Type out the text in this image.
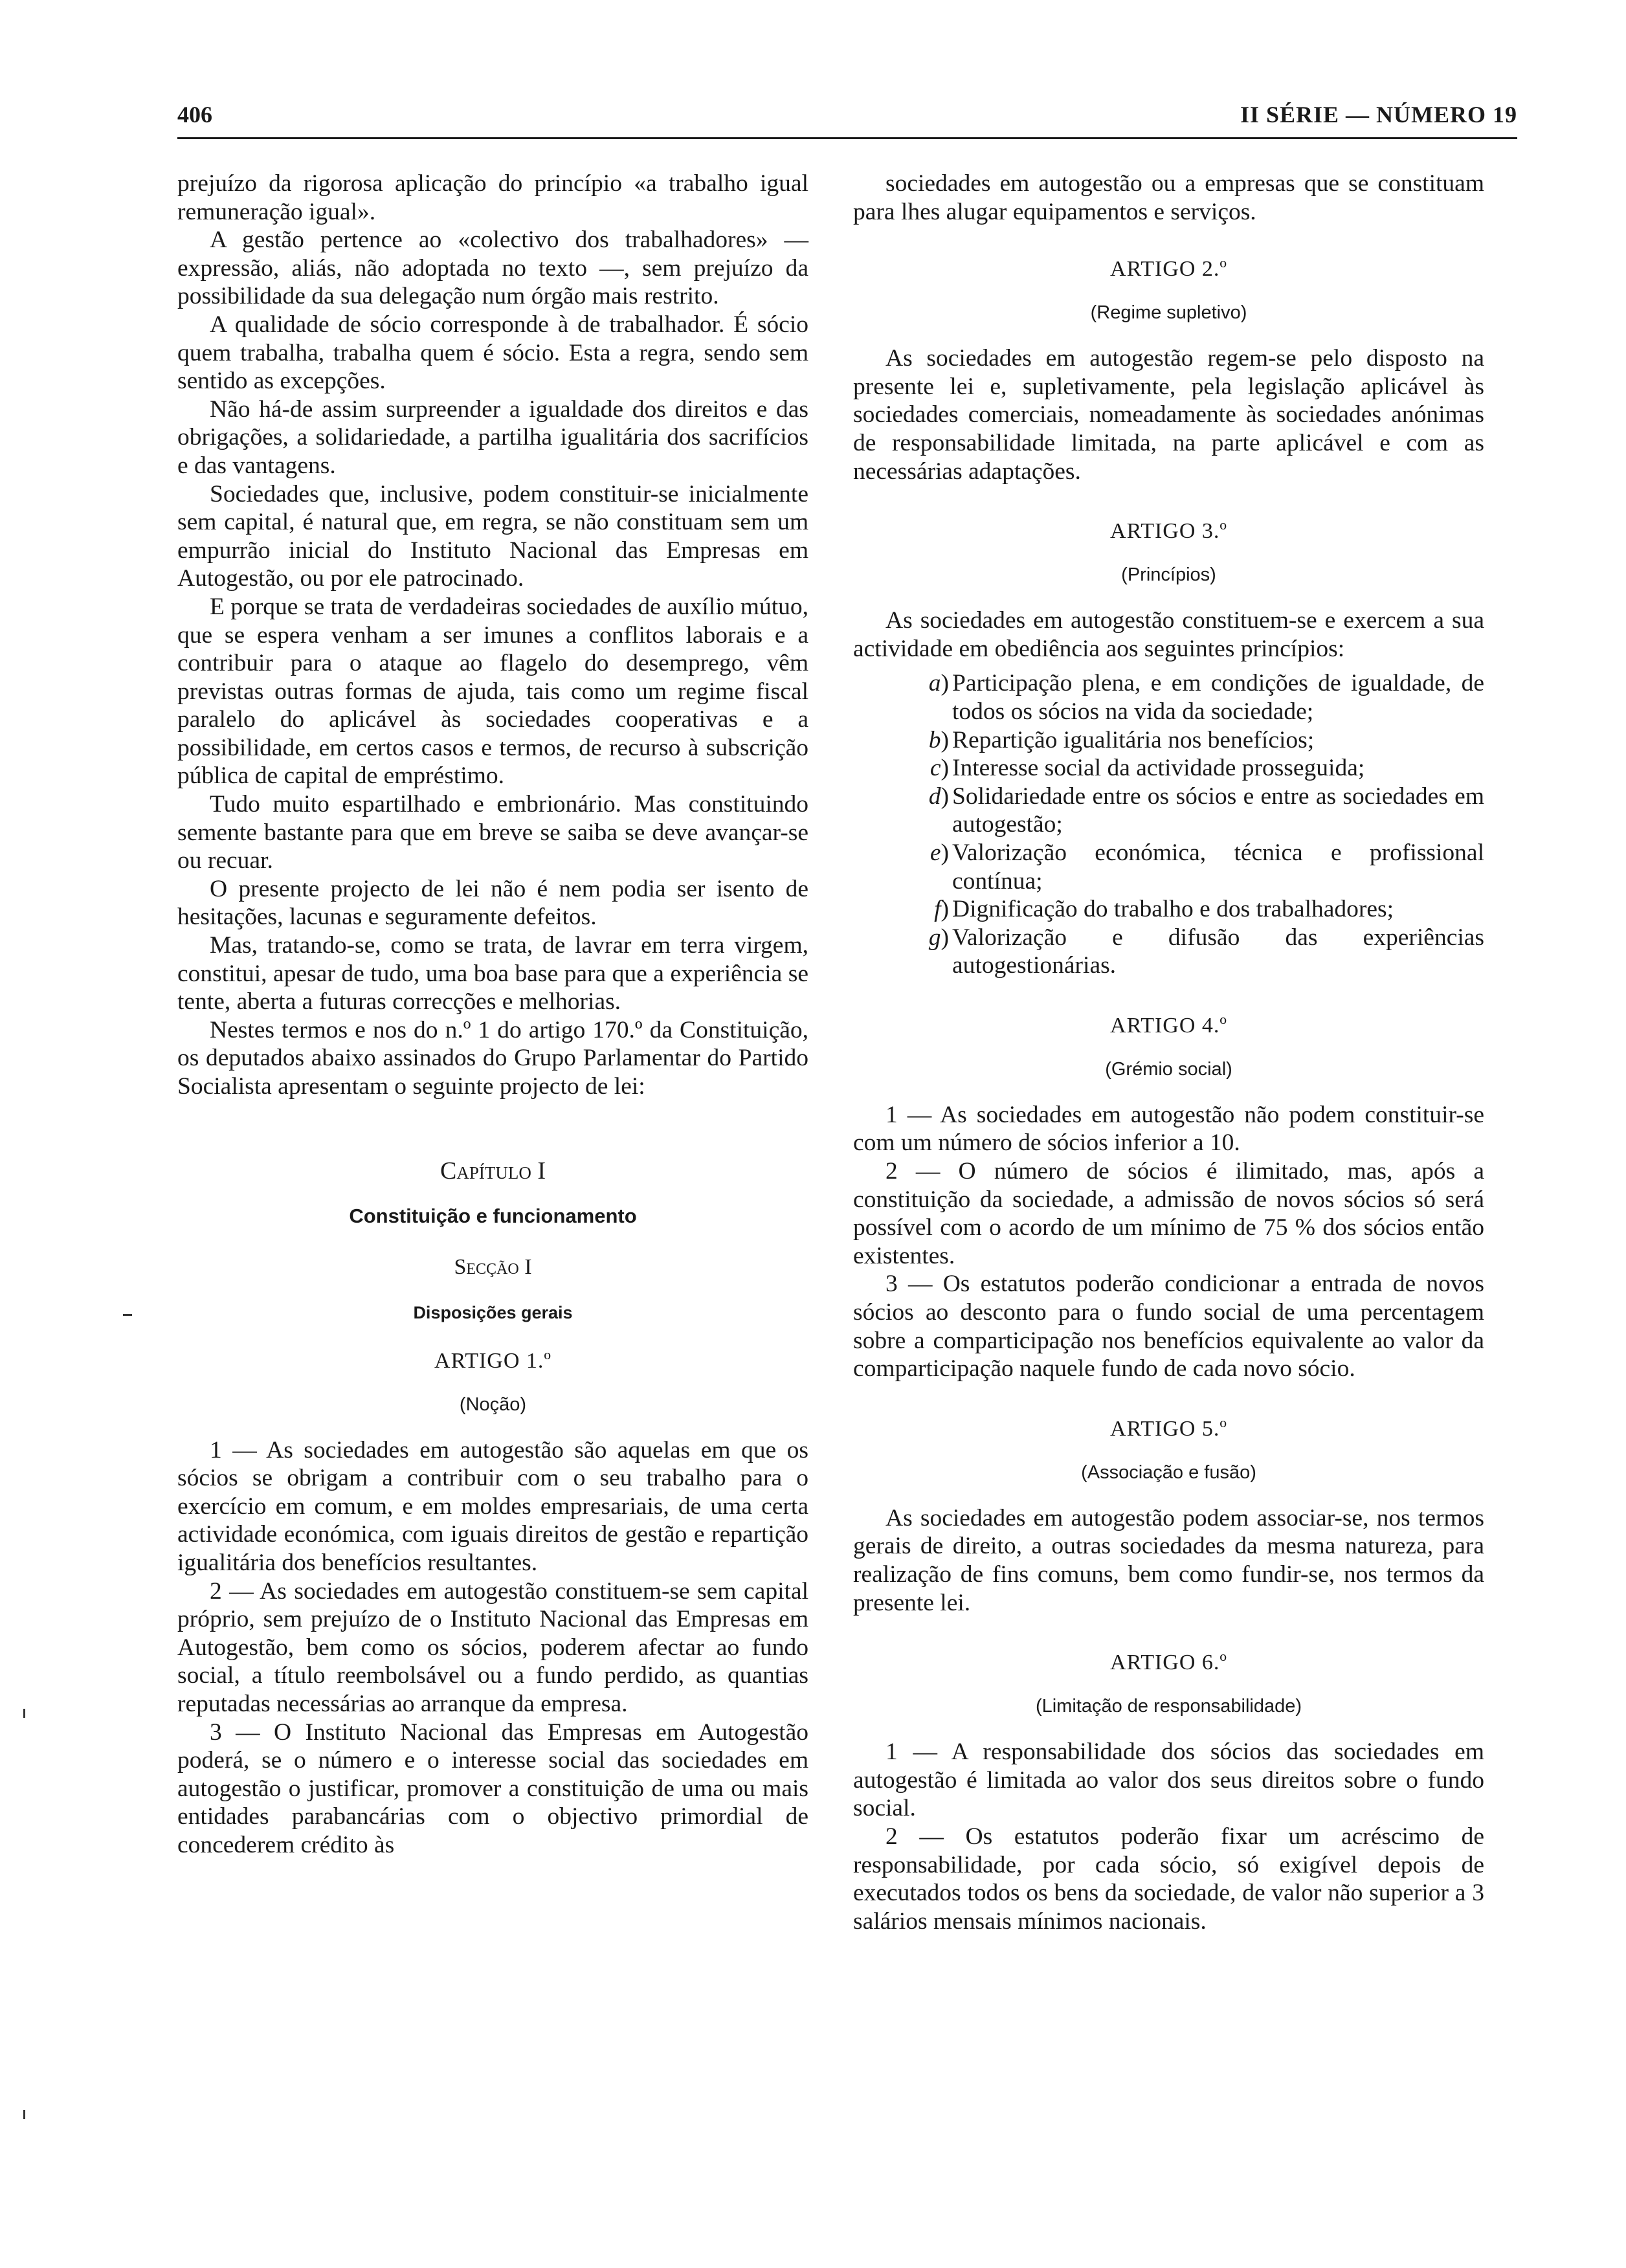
406	II SÉRIE — NÚMERO 19

prejuízo da rigorosa aplicação do princípio «a trabalho igual remuneração igual».

A gestão pertence ao «colectivo dos trabalhadores» — expressão, aliás, não adoptada no texto —, sem prejuízo da possibilidade da sua delegação num órgão mais restrito.

A qualidade de sócio corresponde à de trabalhador. É sócio quem trabalha, trabalha quem é sócio. Esta a regra, sendo sem sentido as excepções.

Não há-de assim surpreender a igualdade dos direitos e das obrigações, a solidariedade, a partilha igualitária dos sacrifícios e das vantagens.

Sociedades que, inclusive, podem constituir-se inicialmente sem capital, é natural que, em regra, se não constituam sem um empurrão inicial do Instituto Nacional das Empresas em Autogestão, ou por ele patrocinado.

E porque se trata de verdadeiras sociedades de auxílio mútuo, que se espera venham a ser imunes a conflitos laborais e a contribuir para o ataque ao flagelo do desemprego, vêm previstas outras formas de ajuda, tais como um regime fiscal paralelo do aplicável às sociedades cooperativas e a possibilidade, em certos casos e termos, de recurso à subscrição pública de capital de empréstimo.

Tudo muito espartilhado e embrionário. Mas constituindo semente bastante para que em breve se saiba se deve avançar-se ou recuar.

O presente projecto de lei não é nem podia ser isento de hesitações, lacunas e seguramente defeitos.

Mas, tratando-se, como se trata, de lavrar em terra virgem, constitui, apesar de tudo, uma boa base para que a experiência se tente, aberta a futuras correcções e melhorias.

Nestes termos e nos do n.º 1 do artigo 170.º da Constituição, os deputados abaixo assinados do Grupo Parlamentar do Partido Socialista apresentam o seguinte projecto de lei:

Capítulo I
Constituição e funcionamento
Secção I
Disposições gerais
ARTIGO 1.º
(Noção)

1 — As sociedades em autogestão são aquelas em que os sócios se obrigam a contribuir com o seu trabalho para o exercício em comum, e em moldes empresariais, de uma certa actividade económica, com iguais direitos de gestão e repartição igualitária dos benefícios resultantes.

2 — As sociedades em autogestão constituem-se sem capital próprio, sem prejuízo de o Instituto Nacional das Empresas em Autogestão, bem como os sócios, poderem afectar ao fundo social, a título reembolsável ou a fundo perdido, as quantias reputadas necessárias ao arranque da empresa.

3 — O Instituto Nacional das Empresas em Autogestão poderá, se o número e o interesse social das sociedades em autogestão o justificar, promover a constituição de uma ou mais entidades parabancárias com o objectivo primordial de concederem crédito às

sociedades em autogestão ou a empresas que se constituam para lhes alugar equipamentos e serviços.

ARTIGO 2.º
(Regime supletivo)

As sociedades em autogestão regem-se pelo disposto na presente lei e, supletivamente, pela legislação aplicável às sociedades comerciais, nomeadamente às sociedades anónimas de responsabilidade limitada, na parte aplicável e com as necessárias adaptações.

ARTIGO 3.º
(Princípios)

As sociedades em autogestão constituem-se e exercem a sua actividade em obediência aos seguintes princípios:

a) Participação plena, e em condições de igualdade, de todos os sócios na vida da sociedade;
b) Repartição igualitária nos benefícios;
c) Interesse social da actividade prosseguida;
d) Solidariedade entre os sócios e entre as sociedades em autogestão;
e) Valorização económica, técnica e profissional contínua;
f) Dignificação do trabalho e dos trabalhadores;
g) Valorização e difusão das experiências autogestionárias.
ARTIGO 4.º
(Grémio social)

1 — As sociedades em autogestão não podem constituir-se com um número de sócios inferior a 10.

2 — O número de sócios é ilimitado, mas, após a constituição da sociedade, a admissão de novos sócios só será possível com o acordo de um mínimo de 75 % dos sócios então existentes.

3 — Os estatutos poderão condicionar a entrada de novos sócios ao desconto para o fundo social de uma percentagem sobre a comparticipação nos benefícios equivalente ao valor da comparticipação naquele fundo de cada novo sócio.

ARTIGO 5.º
(Associação e fusão)

As sociedades em autogestão podem associar-se, nos termos gerais de direito, a outras sociedades da mesma natureza, para realização de fins comuns, bem como fundir-se, nos termos da presente lei.

ARTIGO 6.º
(Limitação de responsabilidade)

1 — A responsabilidade dos sócios das sociedades em autogestão é limitada ao valor dos seus direitos sobre o fundo social.

2 — Os estatutos poderão fixar um acréscimo de responsabilidade, por cada sócio, só exigível depois de executados todos os bens da sociedade, de valor não superior a 3 salários mensais mínimos nacionais.
